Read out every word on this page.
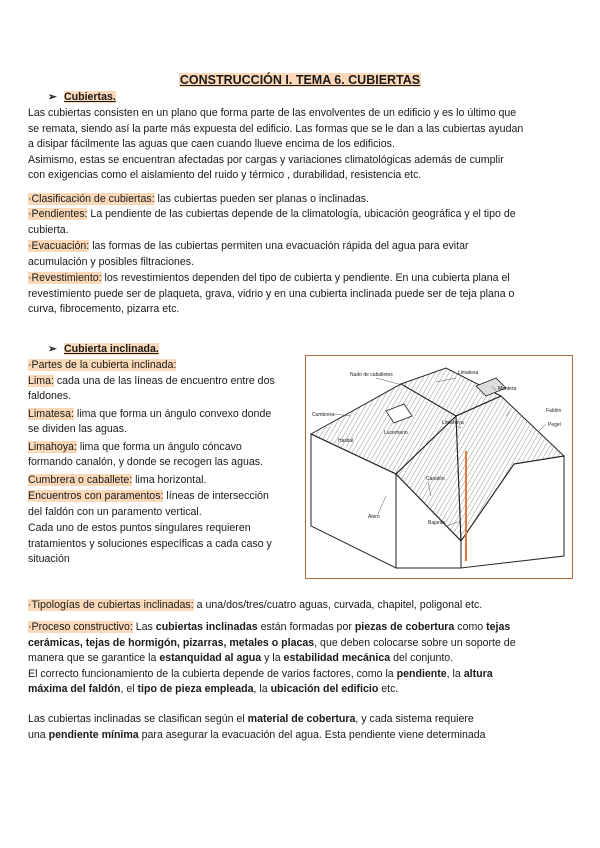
CONSTRUCCIÓN I. TEMA 6. CUBIERTAS
➢ Cubiertas.

Las cubiertas consisten en un plano que forma parte de las envolventes de un edificio y es lo último que

se remata, siendo así la parte más expuesta del edificio. Las formas que se le dan a las cubiertas ayudan

a disipar fácilmente las aguas que caen cuando llueve encima de los edificios.

Asimismo, estas se encuentran afectadas por cargas y variaciones climatológicas además de cumplir

con exigencias como el aislamiento del ruido y térmico , durabilidad, resistencia etc.

·Clasificación de cubiertas: las cubiertas pueden ser planas o inclinadas.

·Pendientes: La pendiente de las cubiertas depende de la climatología, ubicación geográfica y el tipo de

cubierta.

·Evacuación: las formas de las cubiertas permiten una evacuación rápida del agua para evitar

acumulación y posibles filtraciones.

·Revestimiento: los revestimientos dependen del tipo de cubierta y pendiente. En una cubierta plana el

revestimiento puede ser de plaqueta, grava, vidrio y en una cubierta inclinada puede ser de teja plana o

curva, fibrocemento, pizarra etc.

➢ Cubierta inclinada.

·Partes de la cubierta inclinada:

Lima: cada una de las líneas de encuentro entre dos

faldones.

Limatesa: lima que forma un ángulo convexo donde

se dividen las aguas.

Limahoya: lima que forma un ángulo cóncavo

formando canalón, y donde se recogen las aguas.

Cumbrera o caballete: lima horizontal.

Encuentros con paramentos: líneas de intersección

del faldón con un paramento vertical.

Cada uno de estos puntos singulares requieren

tratamientos y soluciones específicas a cada caso y

situación

Nudo de caballetes	Limatesa
Montera
Faldón
Cumbrera
Lucernario
Limahoya
Hastial
Canalón
Alero
Bajante
Pegel

·Tipologías de cubiertas inclinadas: a una/dos/tres/cuatro aguas, curvada, chapitel, poligonal etc.

·Proceso constructivo: Las cubiertas inclinadas están formadas por piezas de cobertura como tejas

cerámicas, tejas de hormigón, pizarras, metales o placas, que deben colocarse sobre un soporte de

manera que se garantice la estanquidad al agua y la estabilidad mecánica del conjunto.

El correcto funcionamiento de la cubierta depende de varios factores, como la pendiente, la altura

máxima del faldón, el tipo de pieza empleada, la ubicación del edificio etc.

Las cubiertas inclinadas se clasifican según el material de cobertura, y cada sistema requiere

una pendiente mínima para asegurar la evacuación del agua. Esta pendiente viene determinada
